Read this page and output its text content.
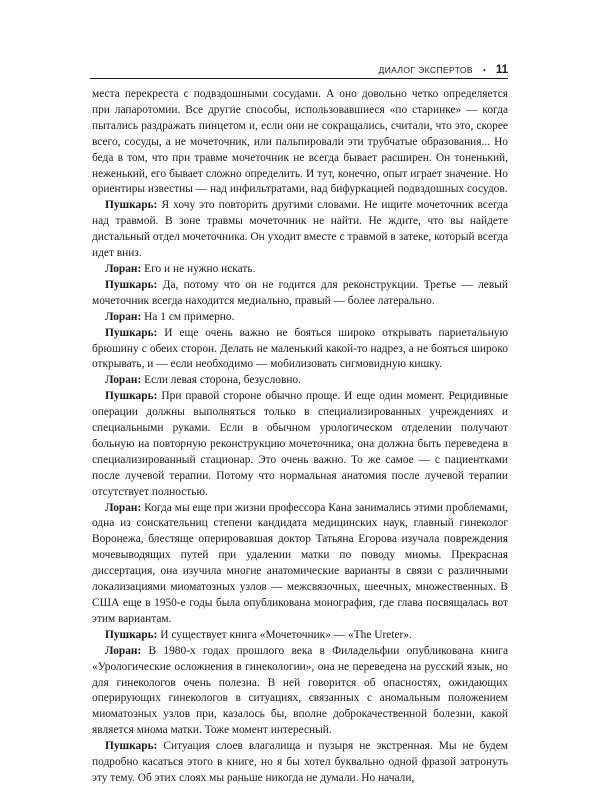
ДИАЛОГ ЭКСПЕРТОВ • 11

места перекреста с подвздошными сосудами. А оно довольно четко определяется при лапаротомии. Все другие способы, использовавшиеся «по старинке» — когда пытались раздражать пинцетом и, если они не сокращались, считали, что это, скорее всего, сосуды, а не мочеточник, или пальпировали эти трубчатые образования... Но беда в том, что при травме мочеточник не всегда бывает расширен. Он тоненький, неженький, его бывает сложно определить. И тут, конечно, опыт играет значение. Но ориентиры известны — над инфильтратами, над бифуркацией подвздошных сосудов.

Пушкарь: Я хочу это повторить другими словами. Не ищите мочеточник всегда над травмой. В зоне травмы мочеточник не найти. Не ждите, что вы найдете дистальный отдел мочеточника. Он уходит вместе с травмой в затеке, который всегда идет вниз.

Лоран: Его и не нужно искать.

Пушкарь: Да, потому что он не годится для реконструкции. Третье — левый мочеточник всегда находится медиально, правый — более латерально.

Лоран: На 1 см примерно.

Пушкарь: И еще очень важно не бояться широко открывать париетальную брюшину с обеих сторон. Делать не маленький какой-то надрез, а не бояться широко открывать, и — если необходимо — мобилизовать сигмовидную кишку.

Лоран: Если левая сторона, безусловно.

Пушкарь: При правой стороне обычно проще. И еще один момент. Рецидивные операции должны выполняться только в специализированных учреждениях и специальными руками. Если в обычном урологическом отделении получают больную на повторную реконструкцию мочеточника, она должна быть переведена в специализированный стационар. Это очень важно. То же самое — с пациентками после лучевой терапии. Потому что нормальная анатомия после лучевой терапии отсутствует полностью.

Лоран: Когда мы еще при жизни профессора Кана занимались этими проблемами, одна из соискательниц степени кандидата медицинских наук, главный гинеколог Воронежа, блестяще оперировавшая доктор Татьяна Егорова изучала повреждения мочевыводящих путей при удалении матки по поводу миомы. Прекрасная диссертация, она изучила многие анатомические варианты в связи с различными локализациями миоматозных узлов — межсвязочных, шеечных, множественных. В США еще в 1950-е годы была опубликована монография, где глава посвящалась вот этим вариантам.

Пушкарь: И существует книга «Мочеточник» — «The Ureter».

Лоран: В 1980-х годах прошлого века в Филадельфии опубликована книга «Урологические осложнения в гинекологии», она не переведена на русский язык, но для гинекологов очень полезна. В ней говорится об опасностях, ожидающих оперирующих гинекологов в ситуациях, связанных с аномальным положением миоматозных узлов при, казалось бы, вполне доброкачественной болезни, какой является миома матки. Тоже момент интересный.

Пушкарь: Ситуация слоев влагалища и пузыря не экстренная. Мы не будем подробно касаться этого в книге, но я бы хотел буквально одной фразой затронуть эту тему. Об этих слоях мы раньше никогда не думали. Но начали,
